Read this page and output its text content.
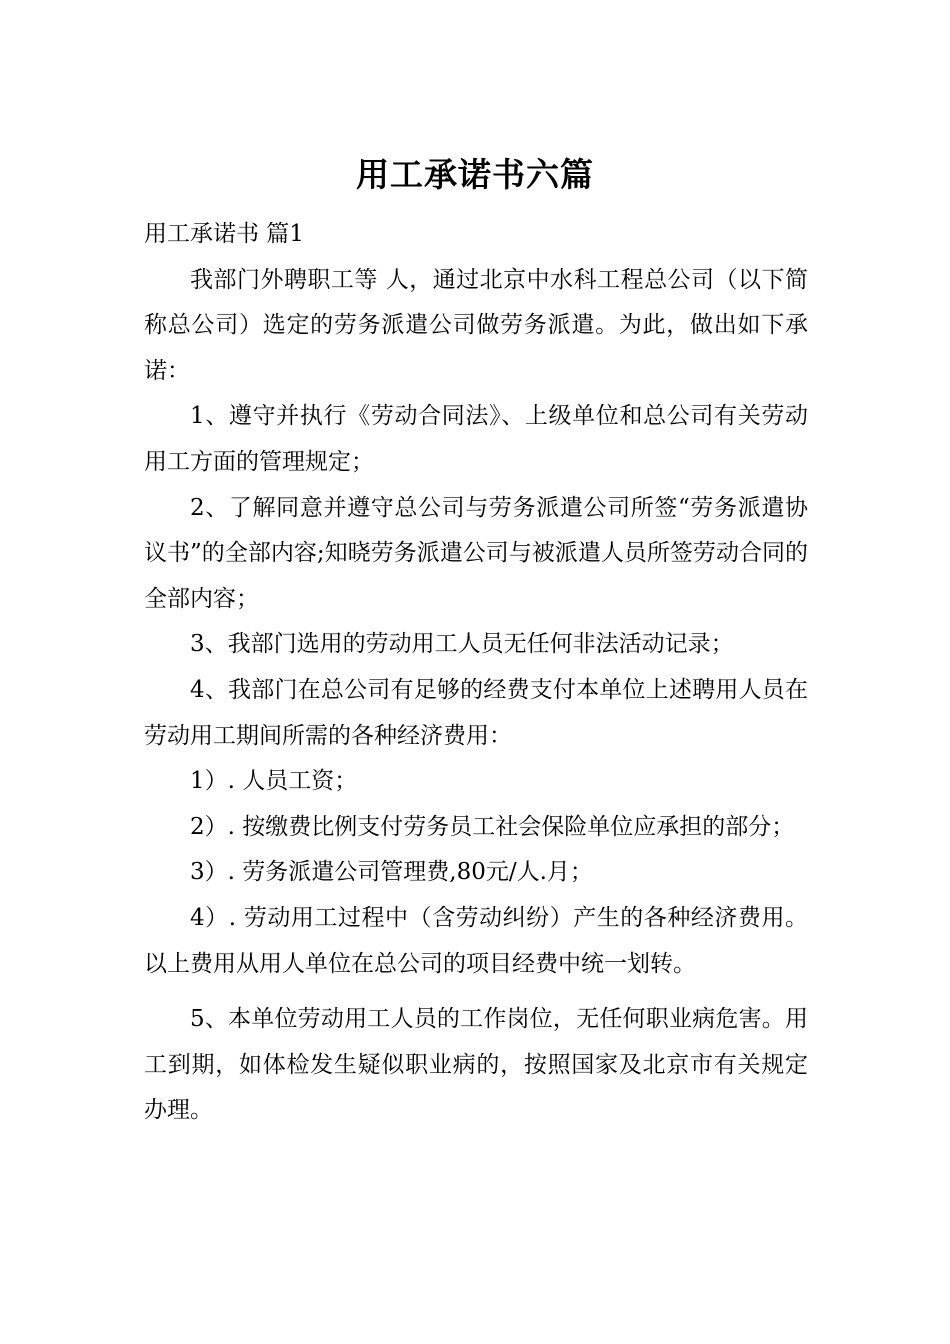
用工承诺书六篇

用工承诺书 篇1

我部门外聘职工等 人，通过北京中水科工程总公司（以下简称总公司）选定的劳务派遣公司做劳务派遣。为此，做出如下承诺：

1、遵守并执行《劳动合同法》、上级单位和总公司有关劳动用工方面的管理规定；

2、了解同意并遵守总公司与劳务派遣公司所签“劳务派遣协议书”的全部内容;知晓劳务派遣公司与被派遣人员所签劳动合同的全部内容；

3、我部门选用的劳动用工人员无任何非法活动记录；

4、我部门在总公司有足够的经费支付本单位上述聘用人员在劳动用工期间所需的各种经济费用：

1）. 人员工资；

2）. 按缴费比例支付劳务员工社会保险单位应承担的部分；

3）. 劳务派遣公司管理费,80元/人.月；

4）. 劳动用工过程中（含劳动纠纷）产生的各种经济费用。 以上费用从用人单位在总公司的项目经费中统一划转。

5、本单位劳动用工人员的工作岗位，无任何职业病危害。用工到期，如体检发生疑似职业病的，按照国家及北京市有关规定办理。
